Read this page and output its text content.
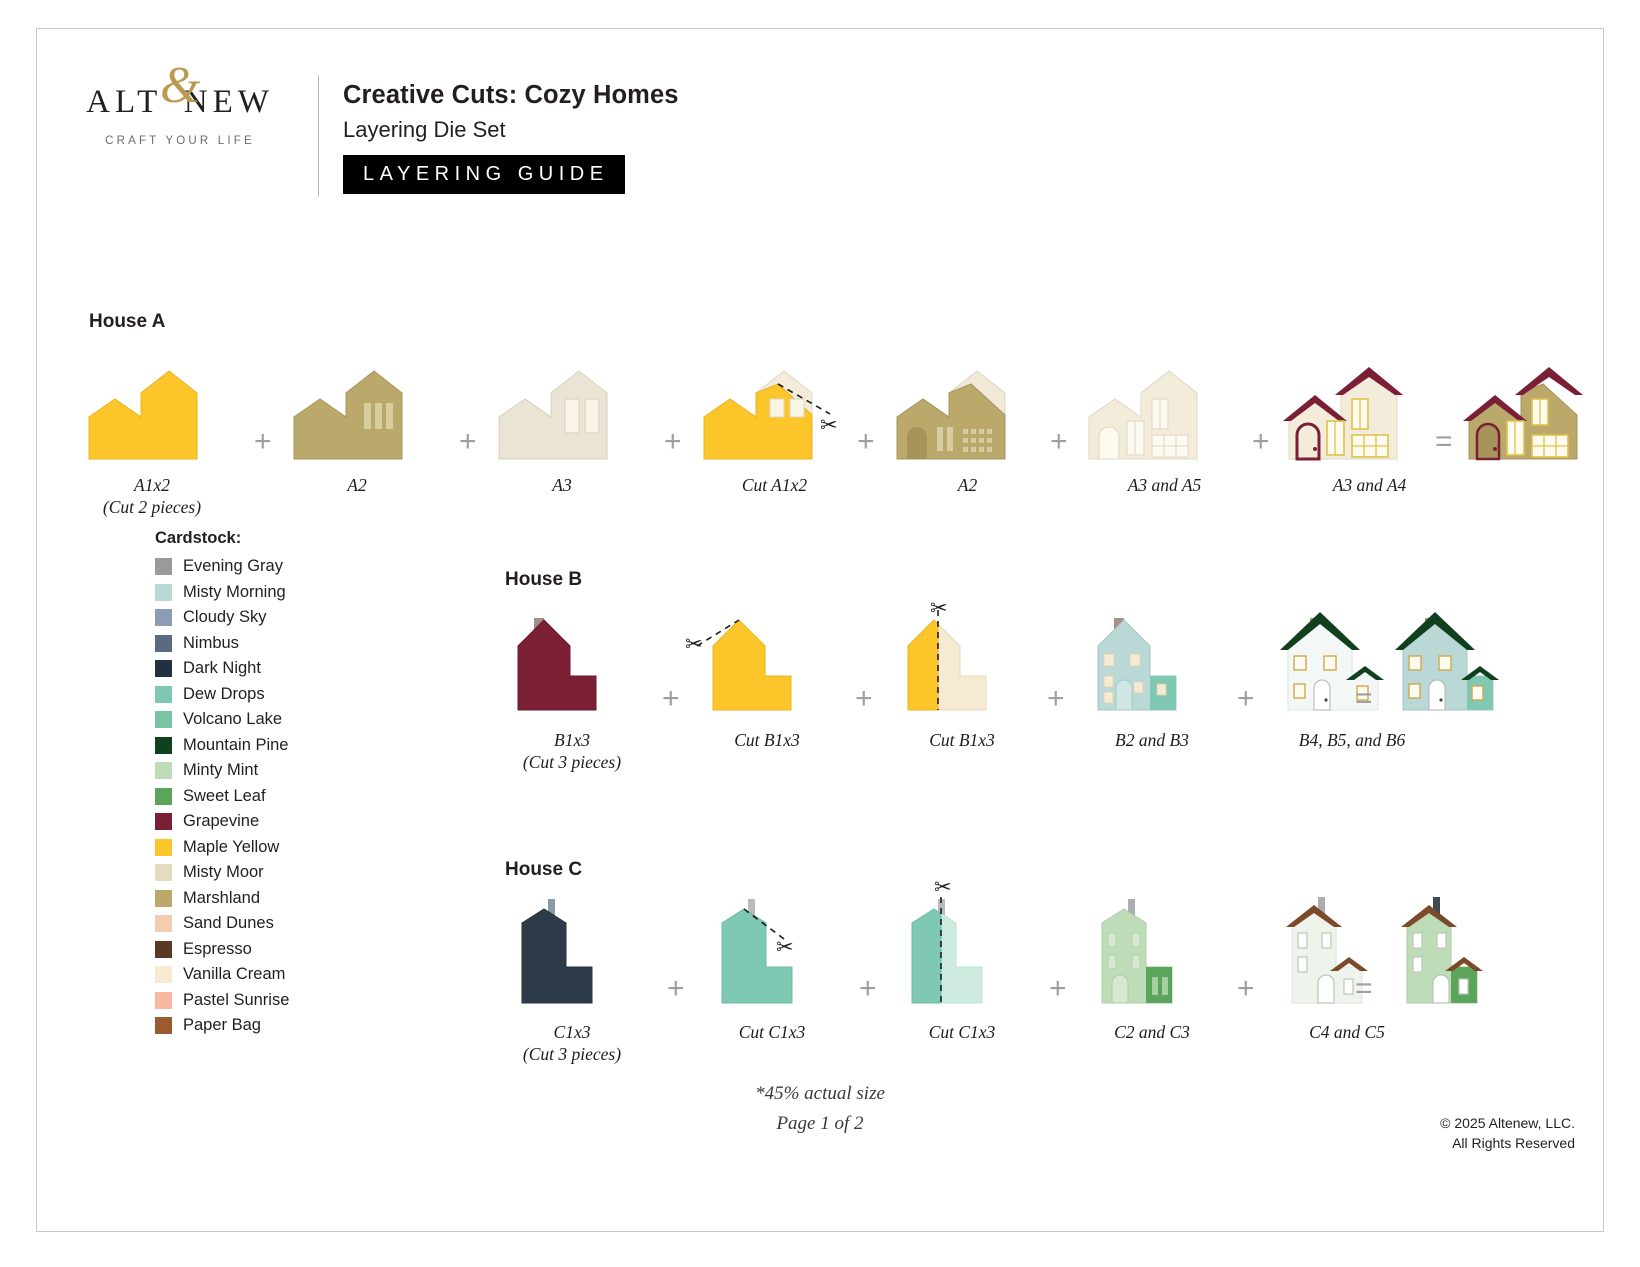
ALT NEW
&
CRAFT YOUR LIFE
Creative Cuts: Cozy Homes
Layering Die Set
LAYERING GUIDE
House A
A1x2
(Cut 2 pieces)
+
A2
+
A3
+	✂
Cut A1x2
+
A2
+
A3 and A5
+
A3 and A4
=
Cardstock:
Evening Gray
Misty Morning
Cloudy Sky
Nimbus
Dark Night
Dew Drops
Volcano Lake
Mountain Pine
Minty Mint
Sweet Leaf
Grapevine
Maple Yellow
Misty Moor
Marshland
Sand Dunes
Espresso
Vanilla Cream
Pastel Sunrise
Paper Bag
House B
B1x3
(Cut 3 pieces)
+
✂
Cut B1x3
+
✂
Cut B1x3
+
B2 and B3
+
B4, B5, and B6
=
House C
C1x3
(Cut 3 pieces)
+
✂
Cut C1x3
+
✂
Cut C1x3
+
C2 and C3
+
C4 and C5
=
*45% actual size
Page 1 of 2	© 2025 Altenew, LLC.
All Rights Reserved
